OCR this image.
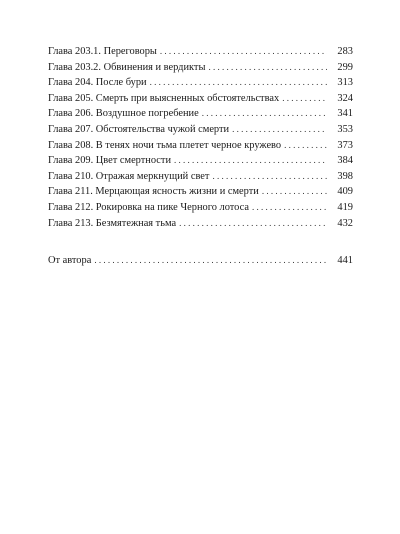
Глава 203.1. Переговоры . . .	283
Глава 203.2. Обвинения и вердикты . . .	299
Глава 204. После бури . . .	313
Глава 205. Смерть при выясненных обстоятельствах . . .	324
Глава 206. Воздушное погребение . . .	341
Глава 207. Обстоятельства чужой смерти . . .	353
Глава 208. В тенях ночи тьма плетет черное кружево . . .	373
Глава 209. Цвет смертности . . .	384
Глава 210. Отражая меркнущий свет . . .	398
Глава 211. Мерцающая ясность жизни и смерти . . .	409
Глава 212. Рокировка на пике Черного лотоса . . .	419
Глава 213. Безмятежная тьма . . .	432
От автора . . .	441
